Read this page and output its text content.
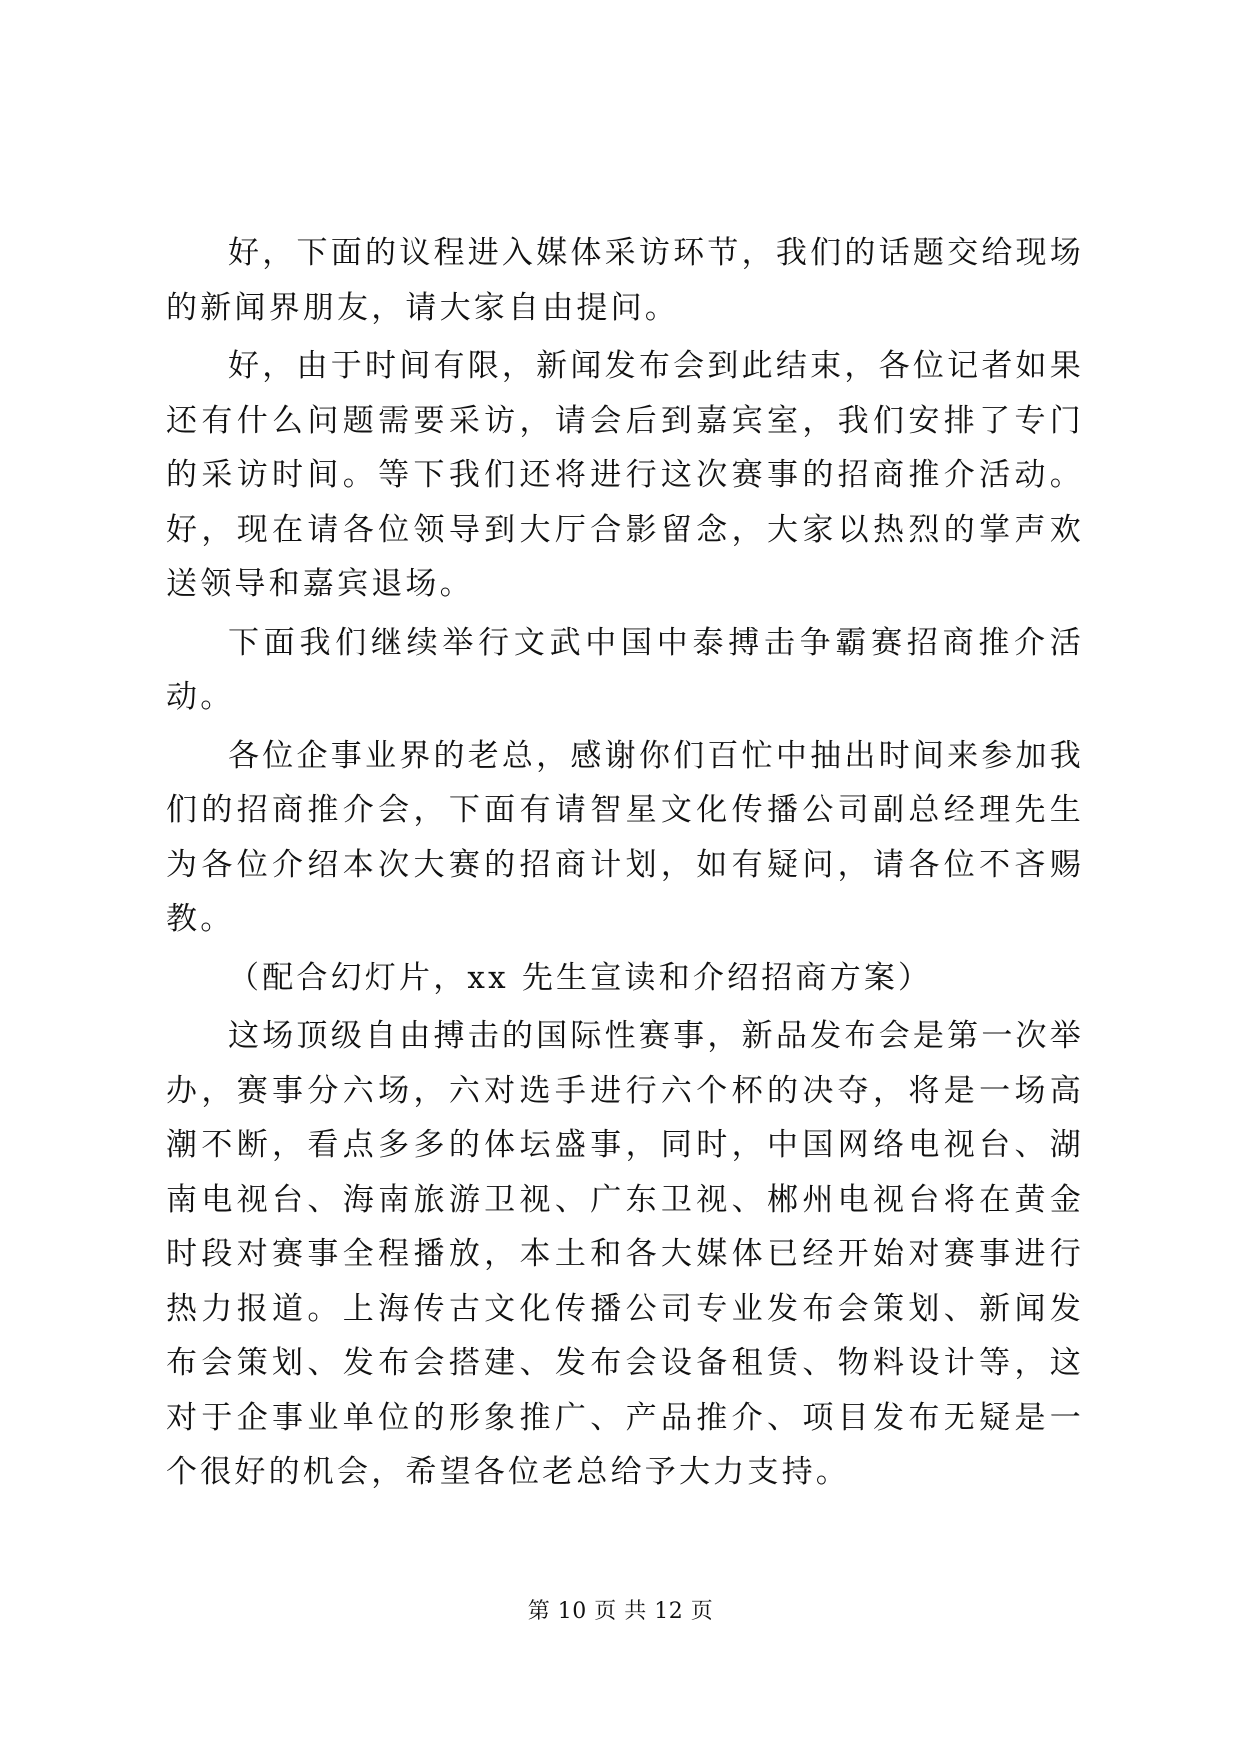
好，下面的议程进入媒体采访环节，我们的话题交给现场的新闻界朋友，请大家自由提问。

好，由于时间有限，新闻发布会到此结束，各位记者如果还有什么问题需要采访，请会后到嘉宾室，我们安排了专门的采访时间。等下我们还将进行这次赛事的招商推介活动。好，现在请各位领导到大厅合影留念，大家以热烈的掌声欢送领导和嘉宾退场。

下面我们继续举行文武中国中泰搏击争霸赛招商推介活动。

各位企事业界的老总，感谢你们百忙中抽出时间来参加我们的招商推介会，下面有请智星文化传播公司副总经理先生为各位介绍本次大赛的招商计划，如有疑问，请各位不吝赐教。

（配合幻灯片，xx 先生宣读和介绍招商方案）

这场顶级自由搏击的国际性赛事，新品发布会是第一次举办，赛事分六场，六对选手进行六个杯的决夺，将是一场高潮不断，看点多多的体坛盛事，同时，中国网络电视台、湖南电视台、海南旅游卫视、广东卫视、郴州电视台将在黄金时段对赛事全程播放，本土和各大媒体已经开始对赛事进行热力报道。上海传古文化传播公司专业发布会策划、新闻发布会策划、发布会搭建、发布会设备租赁、物料设计等，这对于企事业单位的形象推广、产品推介、项目发布无疑是一个很好的机会，希望各位老总给予大力支持。

第 10 页 共 12 页
